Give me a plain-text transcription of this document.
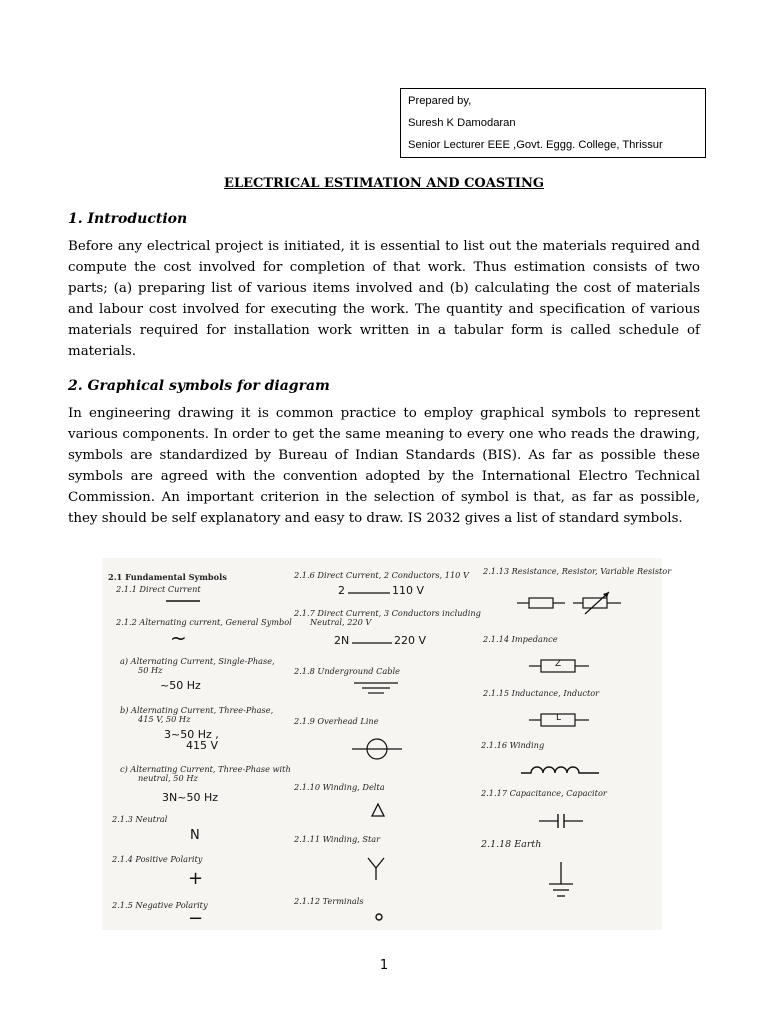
Prepared by,
Suresh K Damodaran
Senior Lecturer EEE ,Govt. Eggg. College, Thrissur
ELECTRICAL ESTIMATION AND COASTING
1. Introduction
Before any electrical project is initiated, it is essential to list out the materials required and compute the cost involved for completion of that work. Thus estimation consists of two parts; (a) preparing list of various items involved and (b) calculating the cost of materials and labour cost involved for executing the work. The quantity and specification of various materials required for installation work written in a tabular form is called schedule of materials.
2. Graphical symbols for diagram
In engineering drawing it is common practice to employ graphical symbols to represent various components. In order to get the same meaning to every one who reads the drawing, symbols are standardized by Bureau of Indian Standards (BIS). As far as possible these symbols are agreed with the convention adopted by the International Electro Technical Commission. An important criterion in the selection of symbol is that, as far as possible, they should be self explanatory and easy to draw. IS 2032 gives a list of standard symbols.
2.1 Fundamental Symbols
2.1.1 Direct Current
2.1.2 Alternating current, General Symbol
~
a) Alternating Current, Single-Phase,
50 Hz
~50 Hz
b) Alternating Current, Three-Phase,
415 V, 50 Hz
3~50 Hz ,
415 V
c) Alternating Current, Three-Phase with
neutral, 50 Hz
3N~50 Hz
2.1.3 Neutral
N
2.1.4 Positive Polarity
+
2.1.5 Negative Polarity
−
2.1.6 Direct Current, 2 Conductors, 110 V
2	110 V
2.1.7 Direct Current, 3 Conductors including
Neutral, 220 V
2N	220 V
2.1.8 Underground Cable
2.1.9 Overhead Line
2.1.10 Winding, Delta
2.1.11 Winding, Star
2.1.12 Terminals
2.1.13 Resistance, Resistor, Variable Resistor
2.1.14 Impedance
Z
2.1.15 Inductance, Inductor
L
2.1.16 Winding
2.1.17 Capacitance, Capacitor
2.1.18 Earth
1
